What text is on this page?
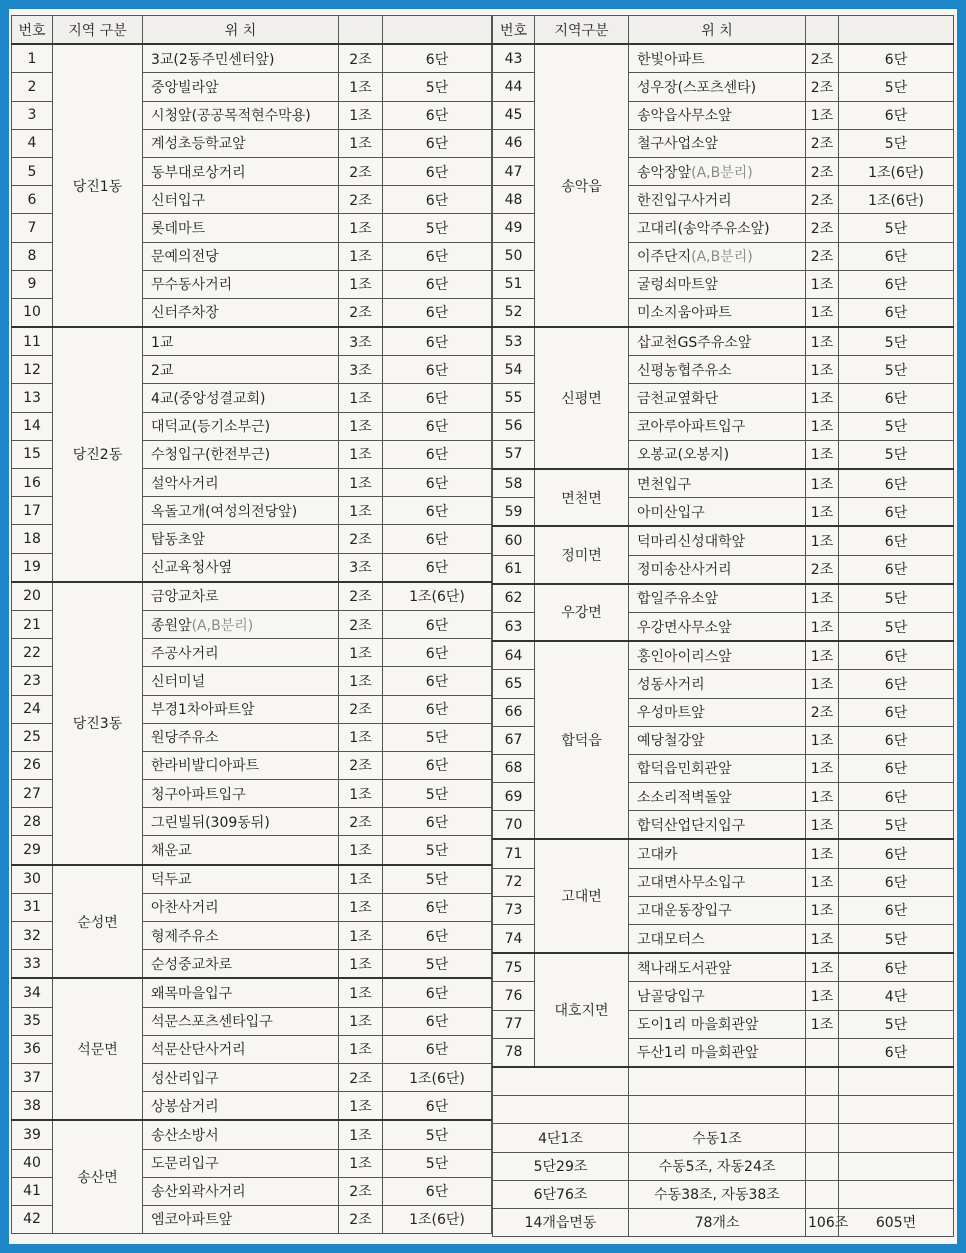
번호	지역 구분	위 치		
1	당진1동	3교(2동주민센터앞)	2조	6단
2		중앙빌라앞	1조	5단
3		시청앞(공공목적현수막용)	1조	6단
4		계성초등학교앞	1조	6단
5		동부대로상거리	2조	6단
6		신터입구	2조	6단
7		롯데마트	1조	5단
8		문예의전당	1조	6단
9		무수동사거리	1조	6단
10		신터주차장	2조	6단
11	당진2동	1교	3조	6단
12		2교	3조	6단
13		4교(중앙성결교회)	1조	6단
14		대덕교(등기소부근)	1조	6단
15		수청입구(한전부근)	1조	6단
16		설악사거리	1조	6단
17		옥돌고개(여성의전당앞)	1조	6단
18		탑동초앞	2조	6단
19		신교육청사옆	3조	6단
20	당진3동	금앙교차로	2조	1조(6단)
21		종원앞(A,B분리)	2조	6단
22		주공사거리	1조	6단
23		신터미널	1조	6단
24		부경1차아파트앞	2조	6단
25		원당주유소	1조	5단
26		한라비발디아파트	2조	6단
27		청구아파트입구	1조	5단
28		그린빌뒤(309동뒤)	2조	6단
29		채운교	1조	5단
30	순성면	덕두교	1조	5단
31		아찬사거리	1조	6단
32		형제주유소	1조	6단
33		순성중교차로	1조	5단
34	석문면	왜목마을입구	1조	6단
35		석문스포츠센타입구	1조	6단
36		석문산단사거리	1조	6단
37		성산리입구	2조	1조(6단)
38		상봉삼거리	1조	6단
39	송산면	송산소방서	1조	5단
40		도문리입구	1조	5단
41		송산외곽사거리	2조	6단
42		엠코아파트앞	2조	1조(6단)
번호	지역구분	위 치		
43	송악읍	한빛아파트	2조	6단
44		성우장(스포츠센타)	2조	5단
45		송악읍사무소앞	1조	6단
46		철구사업소앞	2조	5단
47		송악장앞(A,B분리)	2조	1조(6단)
48		한진입구사거리	2조	1조(6단)
49		고대리(송악주유소앞)	2조	5단
50		이주단지(A,B분리)	2조	6단
51		굴렁쇠마트앞	1조	6단
52		미소지움아파트	1조	6단
53	신평면	삽교천GS주유소앞	1조	5단
54		신평농협주유소	1조	5단
55		금천교옆화단	1조	6단
56		코아루아파트입구	1조	5단
57		오봉교(오봉지)	1조	5단
58	면천면	면천입구	1조	6단
59		아미산입구	1조	6단
60	정미면	덕마리신성대학앞	1조	6단
61		정미송산사거리	2조	6단
62	우강면	합일주유소앞	1조	5단
63		우강면사무소앞	1조	5단
64	합덕읍	홍인아이리스앞	1조	6단
65		성동사거리	1조	6단
66		우성마트앞	2조	6단
67		예당철강앞	1조	6단
68		합덕읍민회관앞	1조	6단
69		소소리적벽돌앞	1조	6단
70		합덕산업단지입구	1조	5단
71	고대면	고대카	1조	6단
72		고대면사무소입구	1조	6단
73		고대운동장입구	1조	6단
74		고대모터스	1조	5단
75	대호지면	책나래도서관앞	1조	6단
76		남골당입구	1조	4단
77		도이1리 마을회관앞	1조	5단
78		두산1리 마을회관앞		6단

4단1조		수동1조		
5단29조		수동5조, 자동24조		
6단76조		수동38조, 자동38조		
14개읍면동		78개소	106조	605면
